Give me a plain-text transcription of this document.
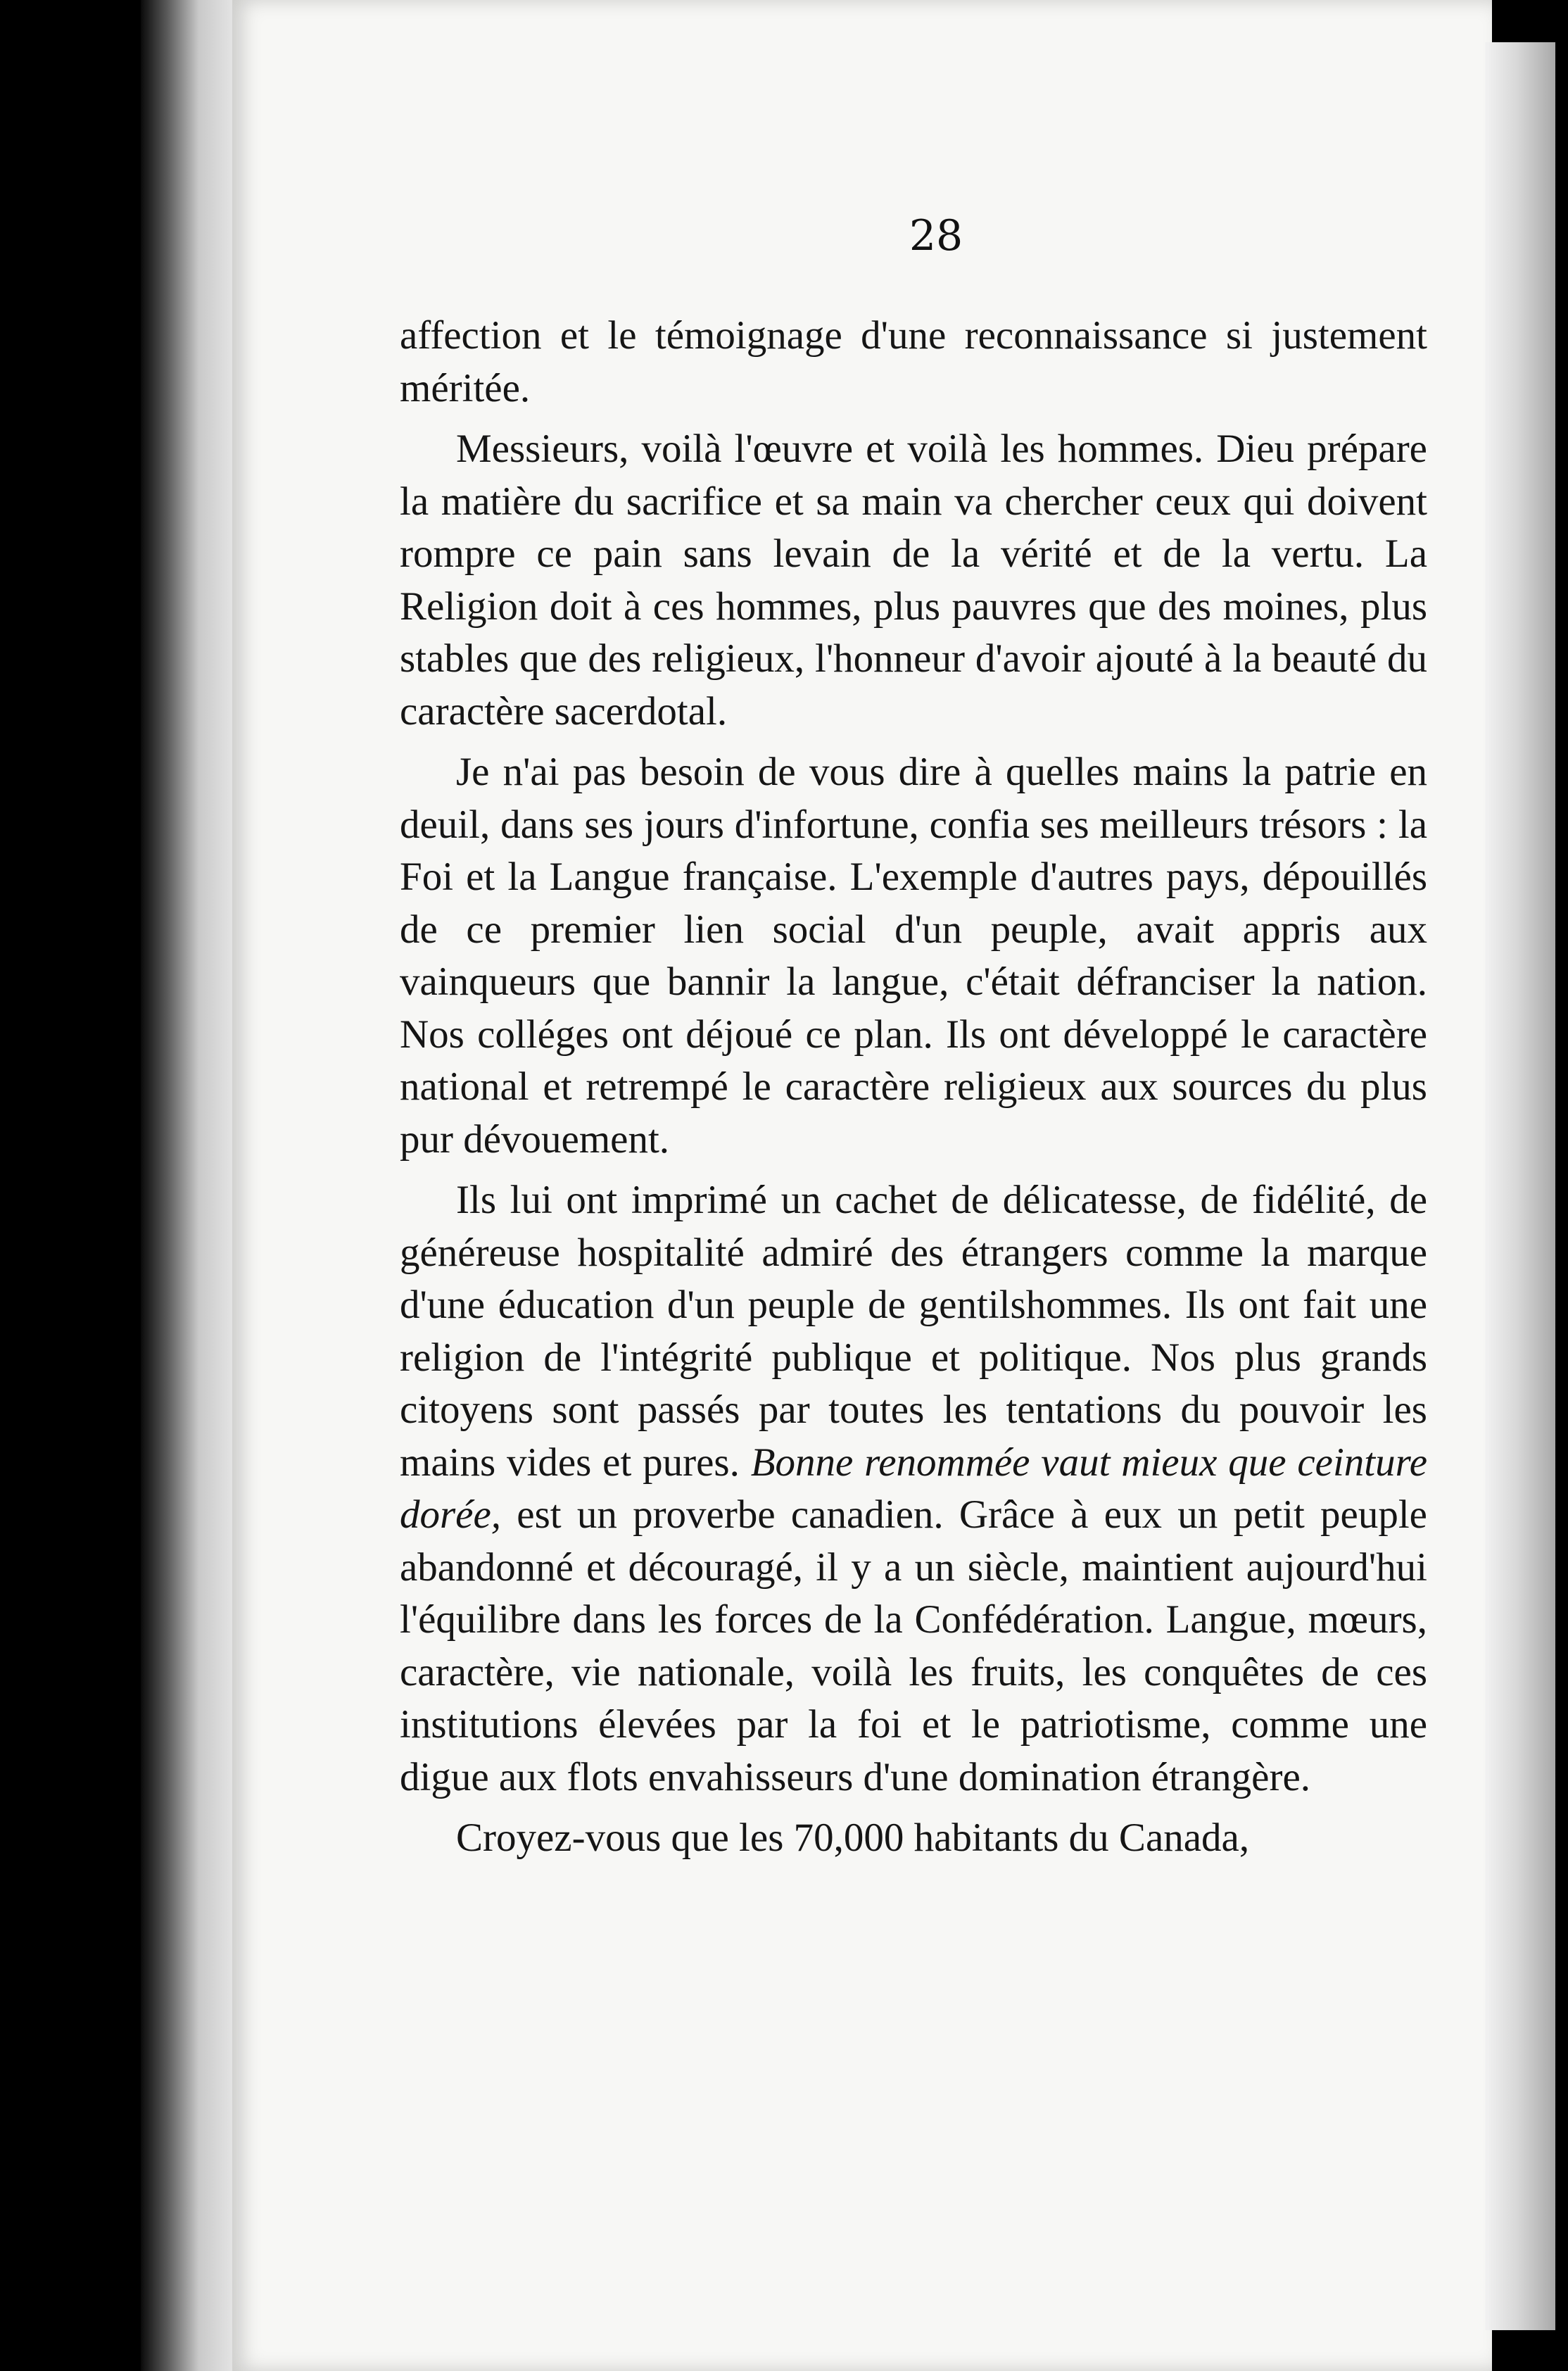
28

affection et le témoignage d'une reconnaissance si justement méritée.

Messieurs, voilà l'œuvre et voilà les hommes. Dieu prépare la matière du sacrifice et sa main va chercher ceux qui doivent rompre ce pain sans levain de la vérité et de la vertu. La Religion doit à ces hommes, plus pauvres que des moines, plus stables que des religieux, l'honneur d'avoir ajouté à la beauté du caractère sacerdotal.

Je n'ai pas besoin de vous dire à quelles mains la patrie en deuil, dans ses jours d'infortune, confia ses meilleurs trésors : la Foi et la Langue française. L'exemple d'autres pays, dépouillés de ce premier lien social d'un peuple, avait appris aux vainqueurs que bannir la langue, c'était défranciser la nation. Nos colléges ont déjoué ce plan. Ils ont développé le caractère national et retrempé le caractère religieux aux sources du plus pur dévouement.

Ils lui ont imprimé un cachet de délicatesse, de fidélité, de généreuse hospitalité admiré des étrangers comme la marque d'une éducation d'un peuple de gentilshommes. Ils ont fait une religion de l'intégrité publique et politique. Nos plus grands citoyens sont passés par toutes les tentations du pouvoir les mains vides et pures. Bonne renommée vaut mieux que ceinture dorée, est un proverbe canadien. Grâce à eux un petit peuple abandonné et découragé, il y a un siècle, maintient aujourd'hui l'équilibre dans les forces de la Confédération. Langue, mœurs, caractère, vie nationale, voilà les fruits, les conquêtes de ces institutions élevées par la foi et le patriotisme, comme une digue aux flots envahisseurs d'une domination étrangère.

Croyez-vous que les 70,000 habitants du Canada,
